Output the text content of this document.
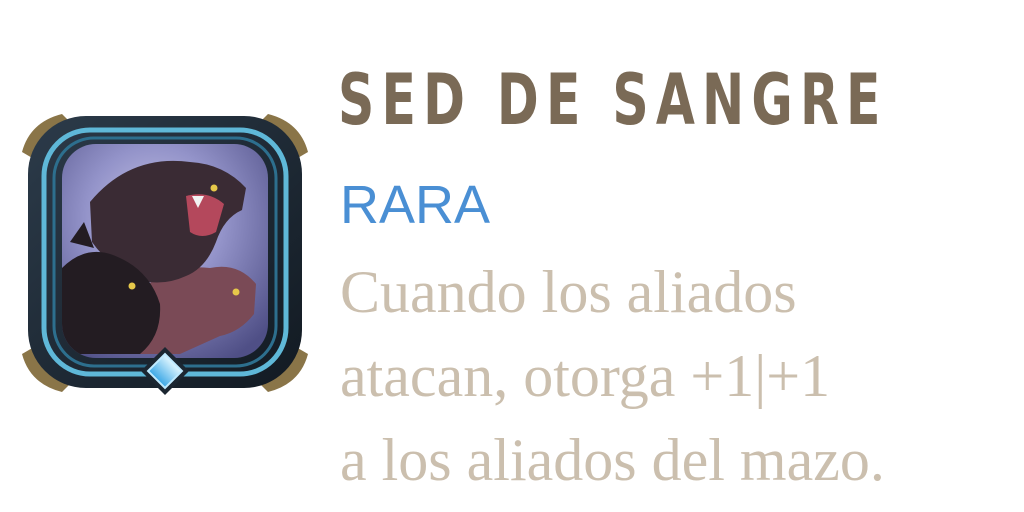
SED DE SANGRE
RARA
Cuando los aliados
atacan, otorga +1|+1
a los aliados del mazo.
